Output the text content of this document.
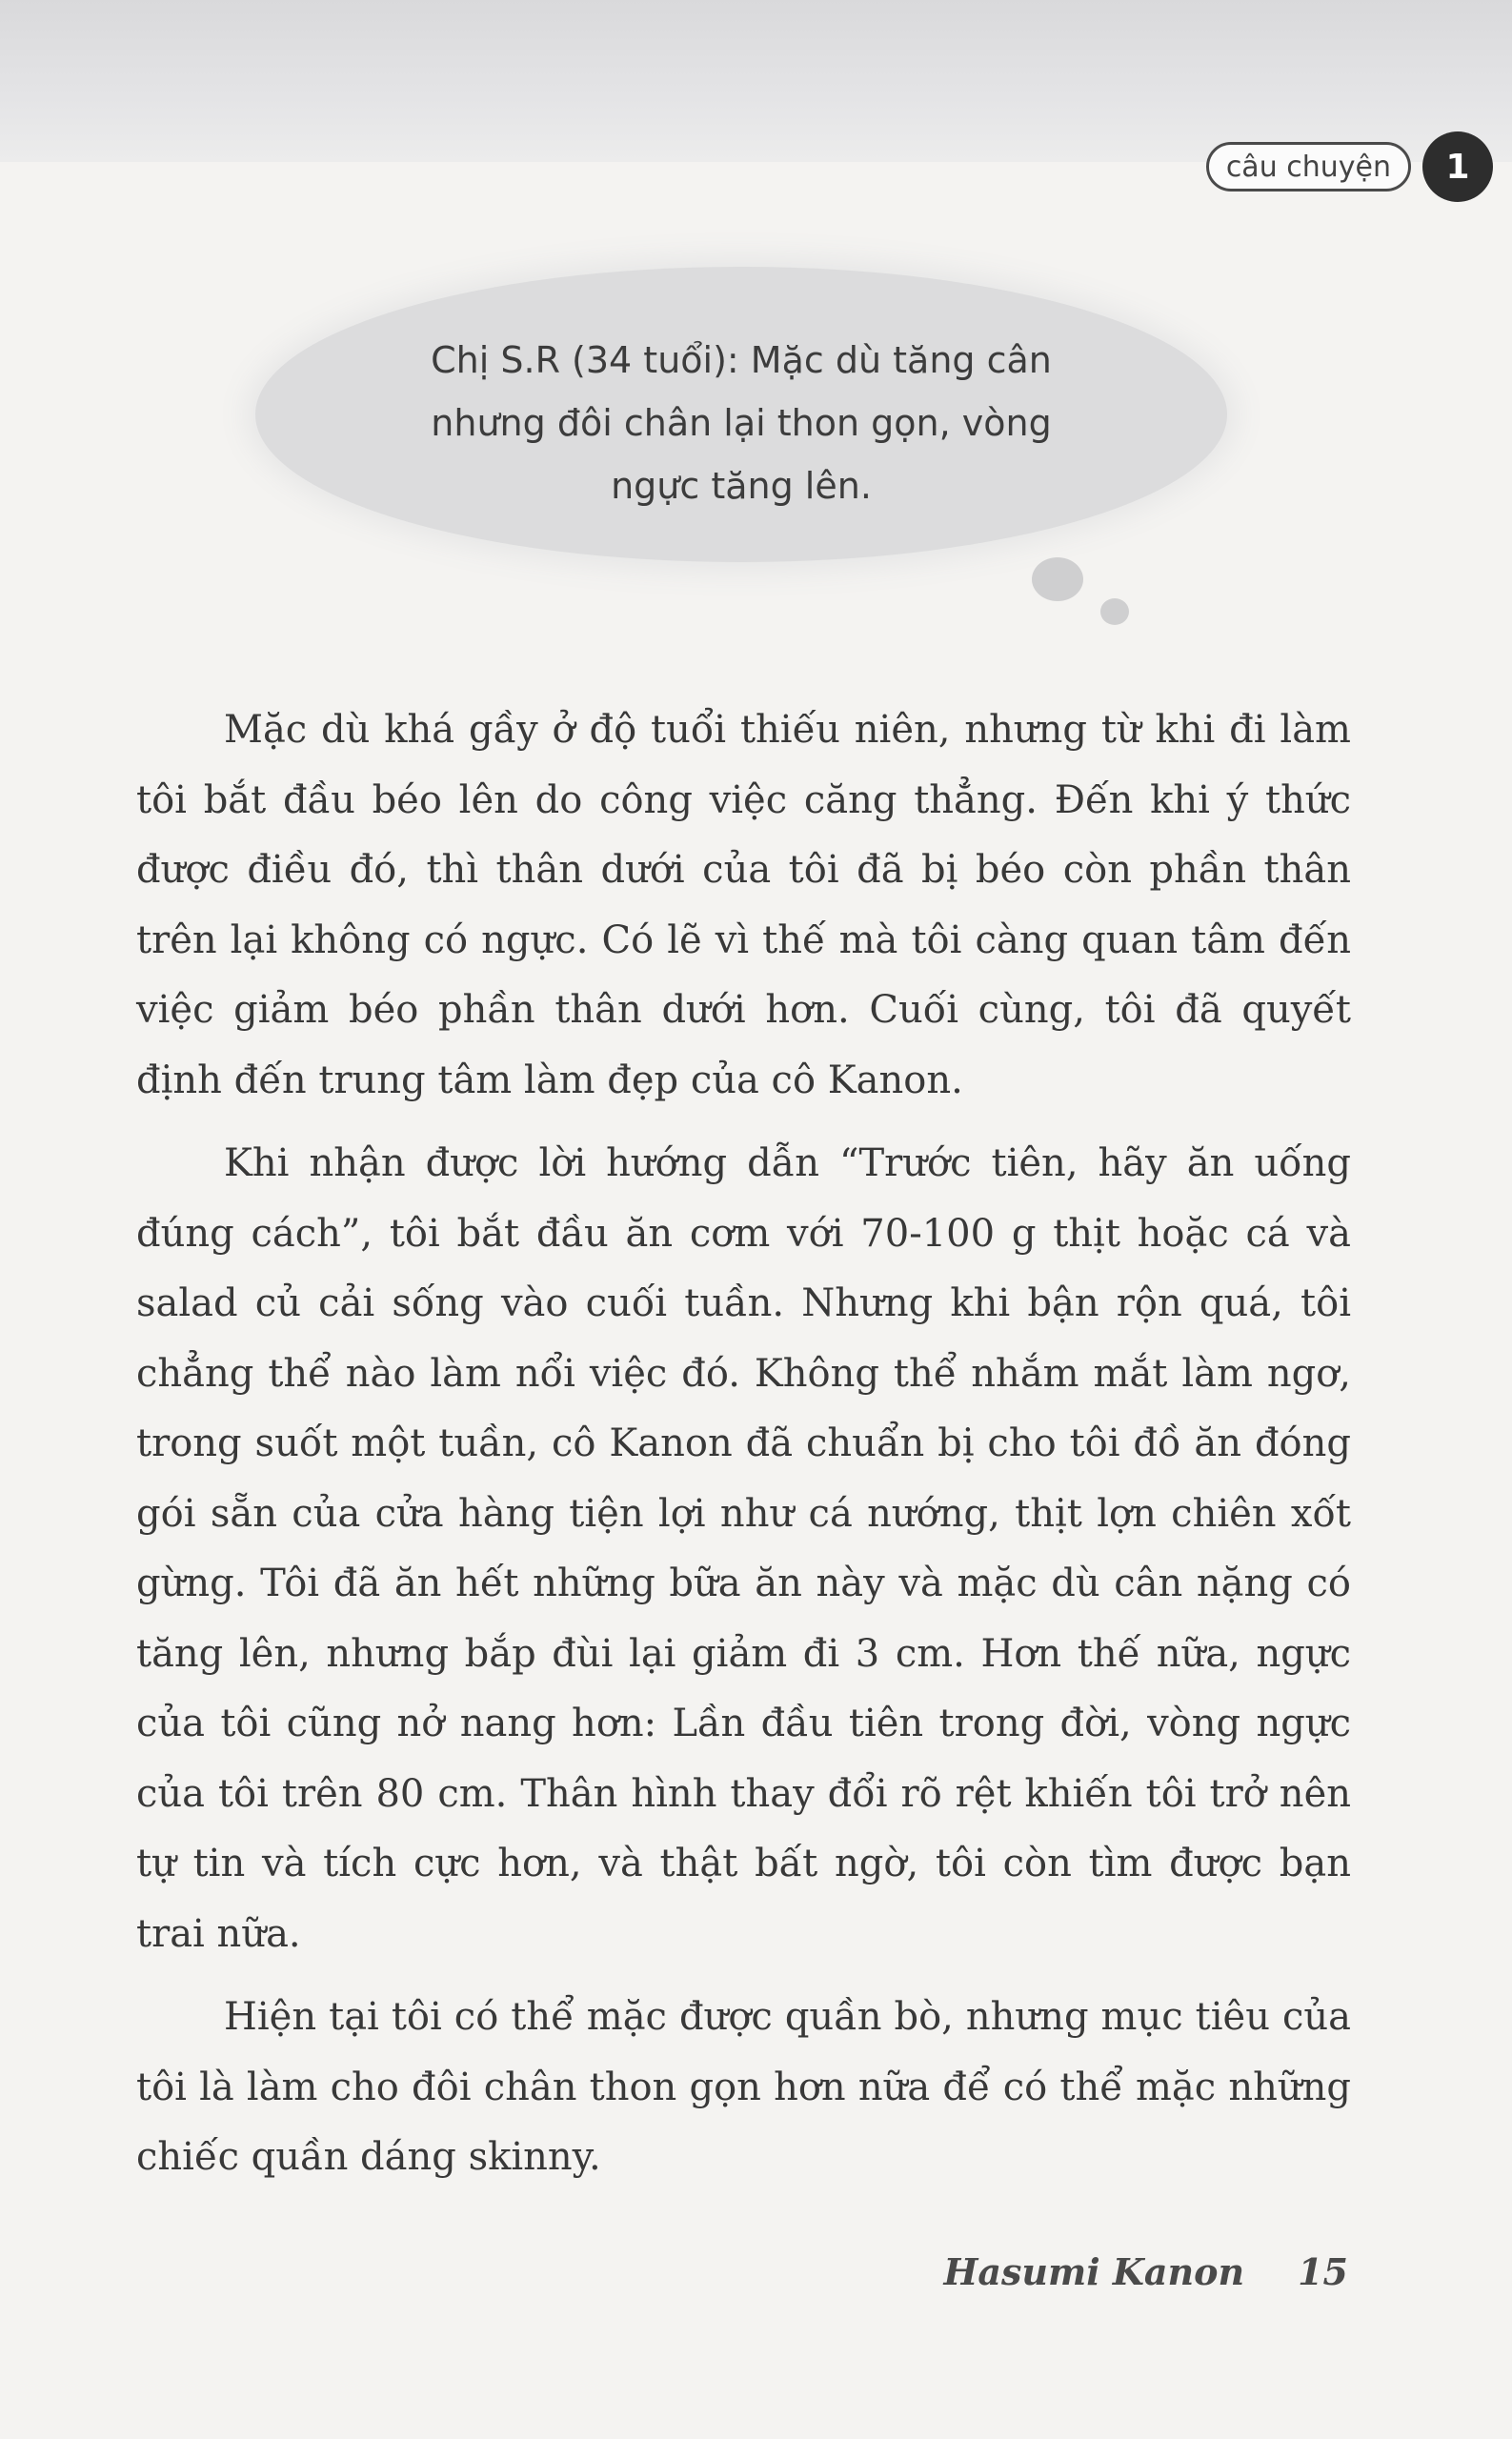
câu chuyện 1
Chị S.R (34 tuổi): Mặc dù tăng cân
nhưng đôi chân lại thon gọn, vòng
ngực tăng lên.

Mặc dù khá gầy ở độ tuổi thiếu niên, nhưng từ khi đi làm tôi bắt đầu béo lên do công việc căng thẳng. Đến khi ý thức được điều đó, thì thân dưới của tôi đã bị béo còn phần thân trên lại không có ngực. Có lẽ vì thế mà tôi càng quan tâm đến việc giảm béo phần thân dưới hơn. Cuối cùng, tôi đã quyết định đến trung tâm làm đẹp của cô Kanon.

Khi nhận được lời hướng dẫn “Trước tiên, hãy ăn uống đúng cách”, tôi bắt đầu ăn cơm với 70-100 g thịt hoặc cá và salad củ cải sống vào cuối tuần. Nhưng khi bận rộn quá, tôi chẳng thể nào làm nổi việc đó. Không thể nhắm mắt làm ngơ, trong suốt một tuần, cô Kanon đã chuẩn bị cho tôi đồ ăn đóng gói sẵn của cửa hàng tiện lợi như cá nướng, thịt lợn chiên xốt gừng. Tôi đã ăn hết những bữa ăn này và mặc dù cân nặng có tăng lên, nhưng bắp đùi lại giảm đi 3 cm. Hơn thế nữa, ngực của tôi cũng nở nang hơn: Lần đầu tiên trong đời, vòng ngực của tôi trên 80 cm. Thân hình thay đổi rõ rệt khiến tôi trở nên tự tin và tích cực hơn, và thật bất ngờ, tôi còn tìm được bạn trai nữa.

Hiện tại tôi có thể mặc được quần bò, nhưng mục tiêu của tôi là làm cho đôi chân thon gọn hơn nữa để có thể mặc những chiếc quần dáng skinny.

Hasumi Kanon 15
